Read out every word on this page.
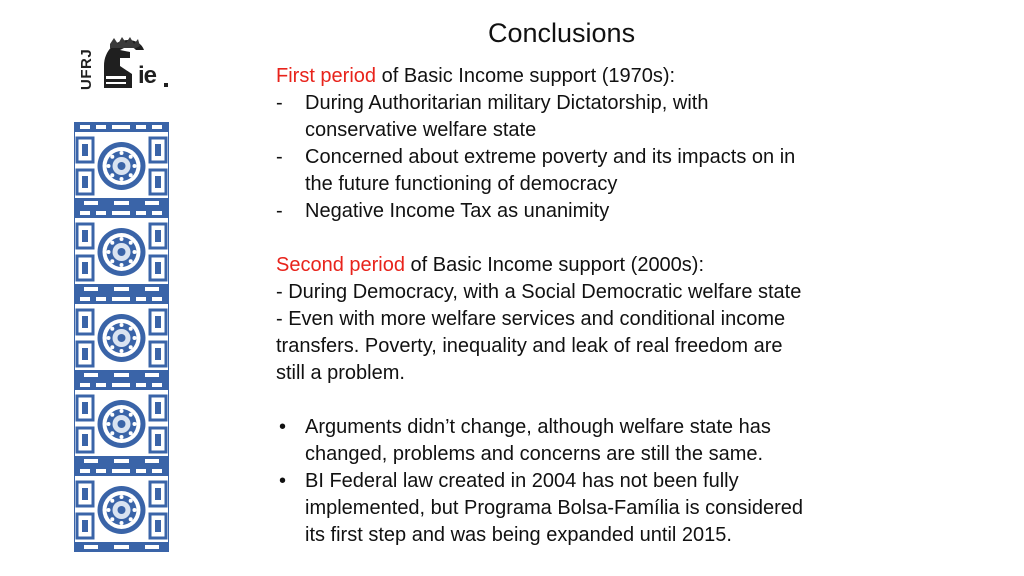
UFRJ ie
Conclusions
First period of Basic Income support (1970s):
-	During Authoritarian military Dictatorship, with
conservative welfare state
-	Concerned about extreme poverty and its impacts on in
the future functioning of democracy
-	Negative Income Tax as unanimity
Second period of Basic Income support (2000s):
- During Democracy, with a Social Democratic welfare state
- Even with more welfare services and conditional income
transfers. Poverty, inequality and leak of real freedom are
still a problem.
• Arguments didn’t change, although welfare state has
changed, problems and concerns are still the same.
• BI Federal law created in 2004 has not been fully
implemented, but Programa Bolsa-Família is considered
its first step and was being expanded until 2015.
